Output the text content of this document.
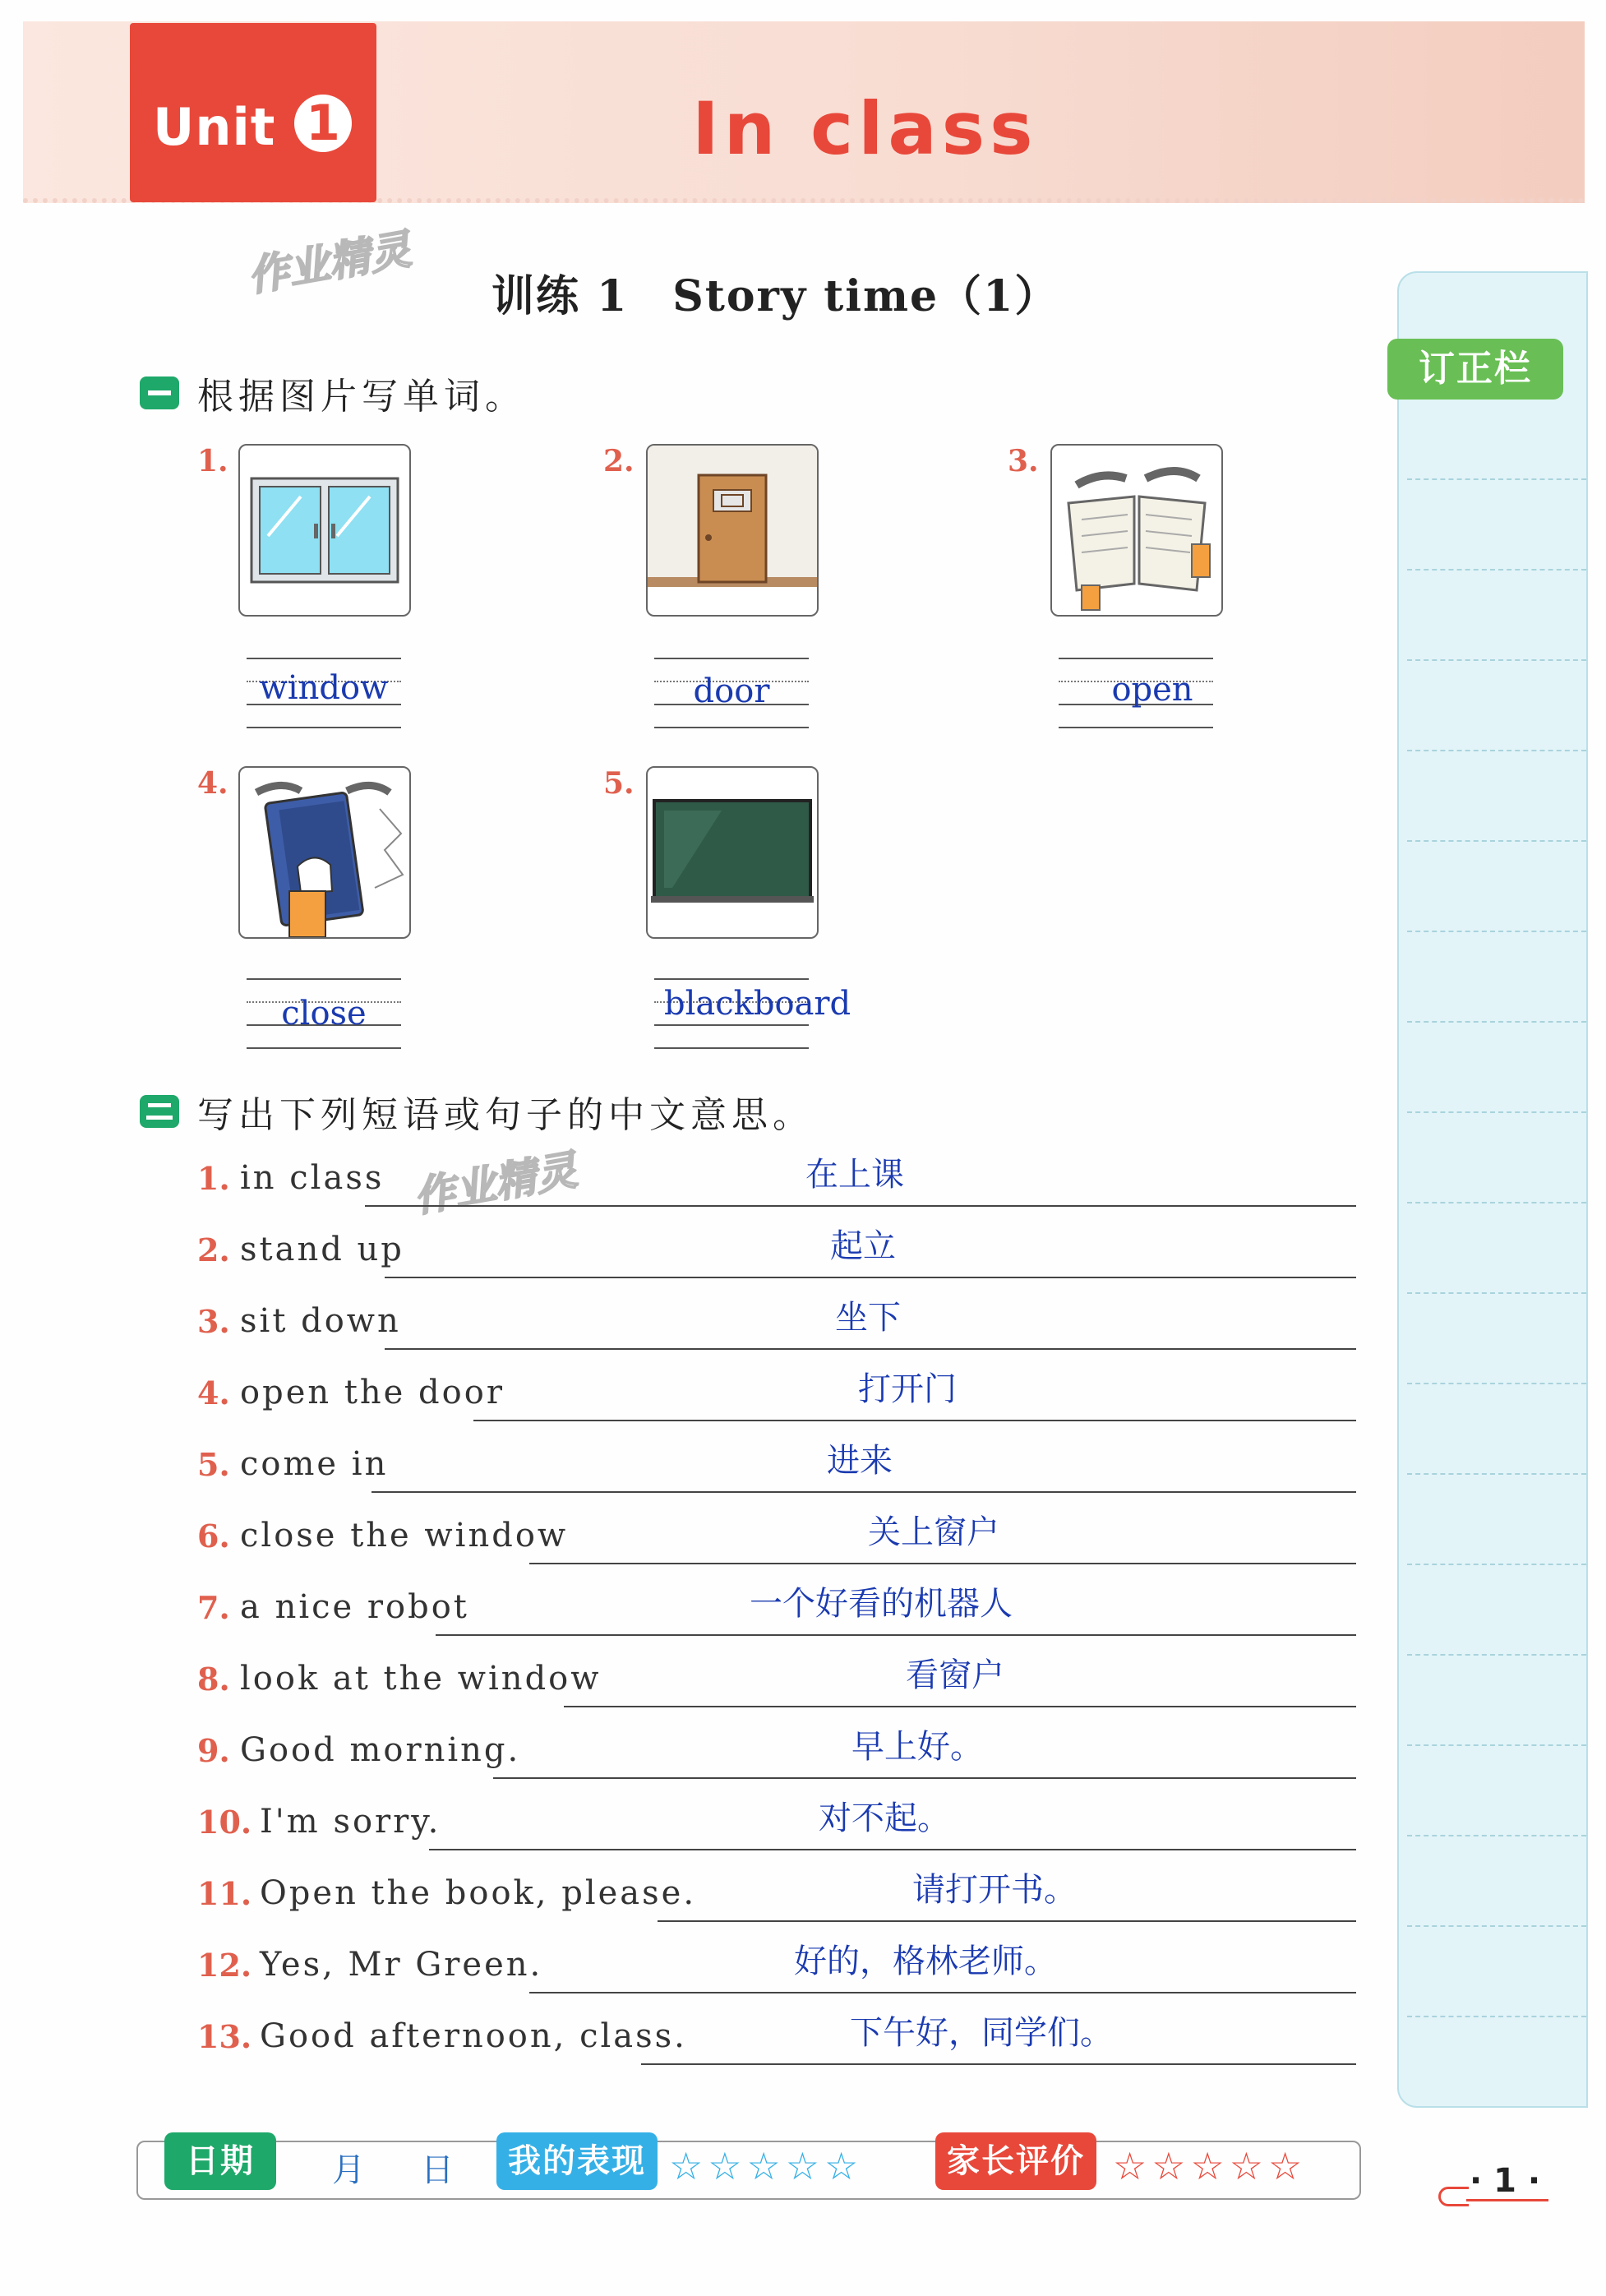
Unit 1	In class
作业精灵
作业精灵
训练 1　Story time（1）
根据图片写单词。
1.
window
2.
door
3.
open
4.
close
5.
blackboard
写出下列短语或句子的中文意思。
1. in class	在上课
2. stand up	起立
3. sit down	坐下
4. open the door	打开门
5. come in	进来
6. close the window	关上窗户
7. a nice robot	一个好看的机器人
8. look at the window	看窗户
9. Good morning.	早上好。
10. I'm sorry.	对不起。
11. Open the book, please.	请打开书。
12. Yes, Mr Green.	好的，格林老师。
13. Good afternoon, class.	下午好，同学们。
订正栏
日期	月 日	我的表现 ☆☆☆☆☆	家长评价 ☆☆☆☆☆	· 1 ·
